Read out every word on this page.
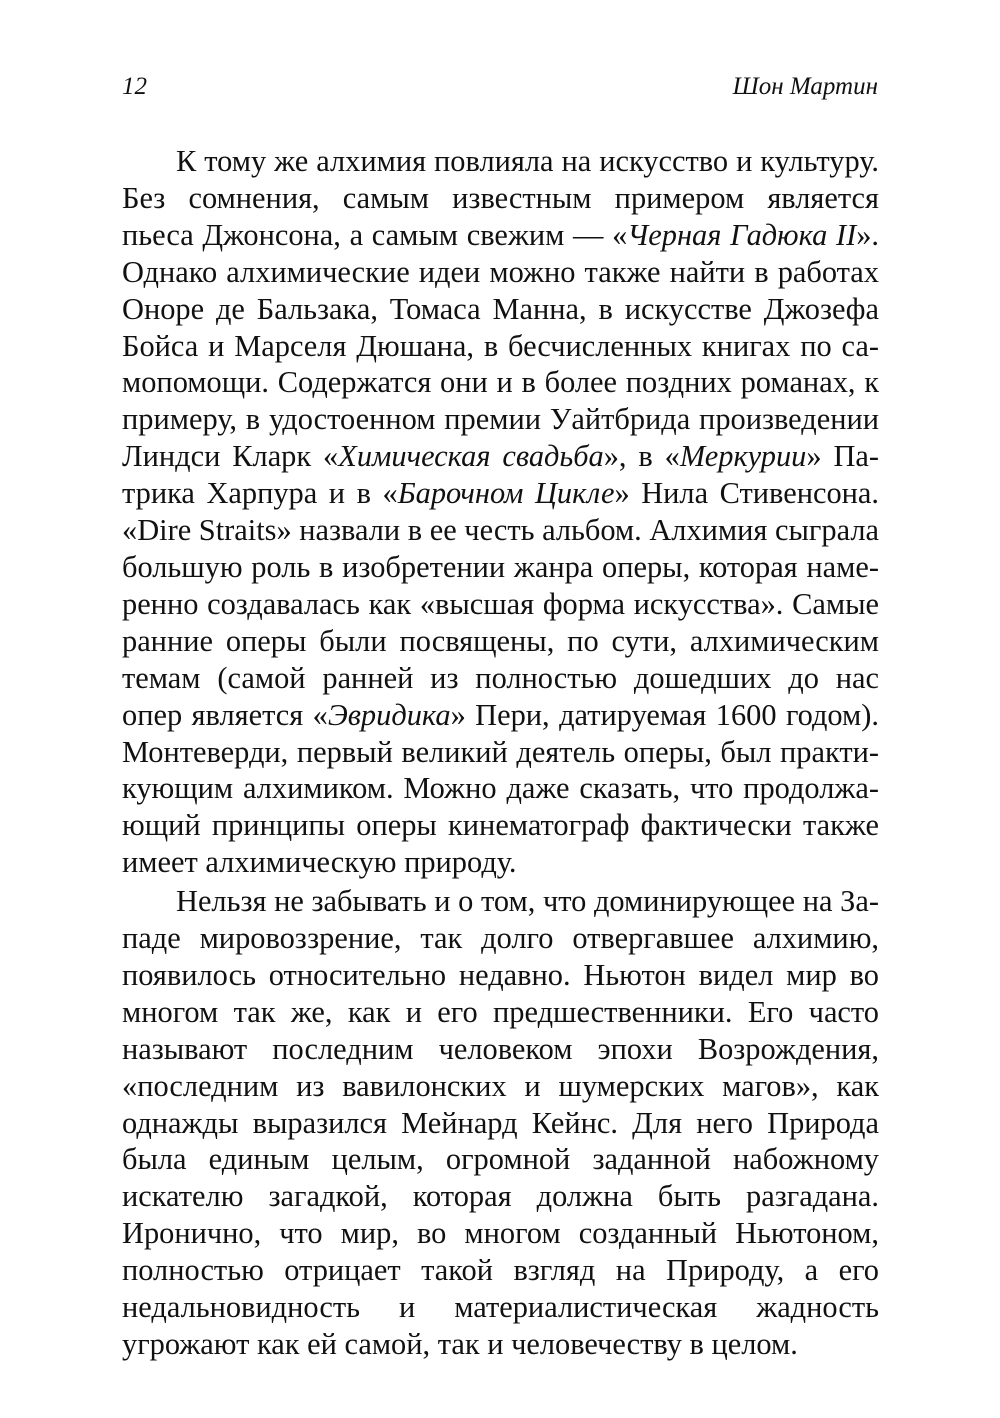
12	Шон Мартин

К тому же алхимия повлияла на искусство и культуру. Без сомнения, самым известным примером является пьеса Джонсона, а самым свежим — «Черная Гадюка II». Однако алхимические идеи можно также найти в работах Оноре де Бальзака, Томаса Манна, в искусстве Джозефа Бойса и Марселя Дюшана, в бесчисленных книгах по самопомощи. Содержатся они и в более поздних романах, к примеру, в удостоенном премии Уайтбрида произведении Линдси Кларк «Химическая свадьба», в «Меркурии» Патрика Харпура и в «Барочном Цикле» Нила Стивенсона. «Dire Straits» назвали в ее честь альбом. Алхимия сыграла большую роль в изобретении жанра оперы, которая намеренно создавалась как «высшая форма искусства». Самые ранние оперы были посвящены, по сути, алхимическим темам (самой ранней из полностью дошедших до нас опер является «Эвридика» Пери, датируемая 1600 годом). Монтеверди, первый великий деятель оперы, был практикующим алхимиком. Можно даже сказать, что продолжающий принципы оперы кинематограф фактически также имеет алхимическую природу.

Нельзя не забывать и о том, что доминирующее на Западе мировоззрение, так долго отвергавшее алхимию, появилось относительно недавно. Ньютон видел мир во многом так же, как и его предшественники. Его часто называют последним человеком эпохи Возрождения, «последним из вавилонских и шумерских магов», как однажды выразился Мейнард Кейнс. Для него Природа была единым целым, огромной заданной набожному искателю загадкой, которая должна быть разгадана. Иронично, что мир, во многом созданный Ньютоном, полностью отрицает такой взгляд на Природу, а его недальновидность и материалистическая жадность угрожают как ей самой, так и человечеству в целом.
